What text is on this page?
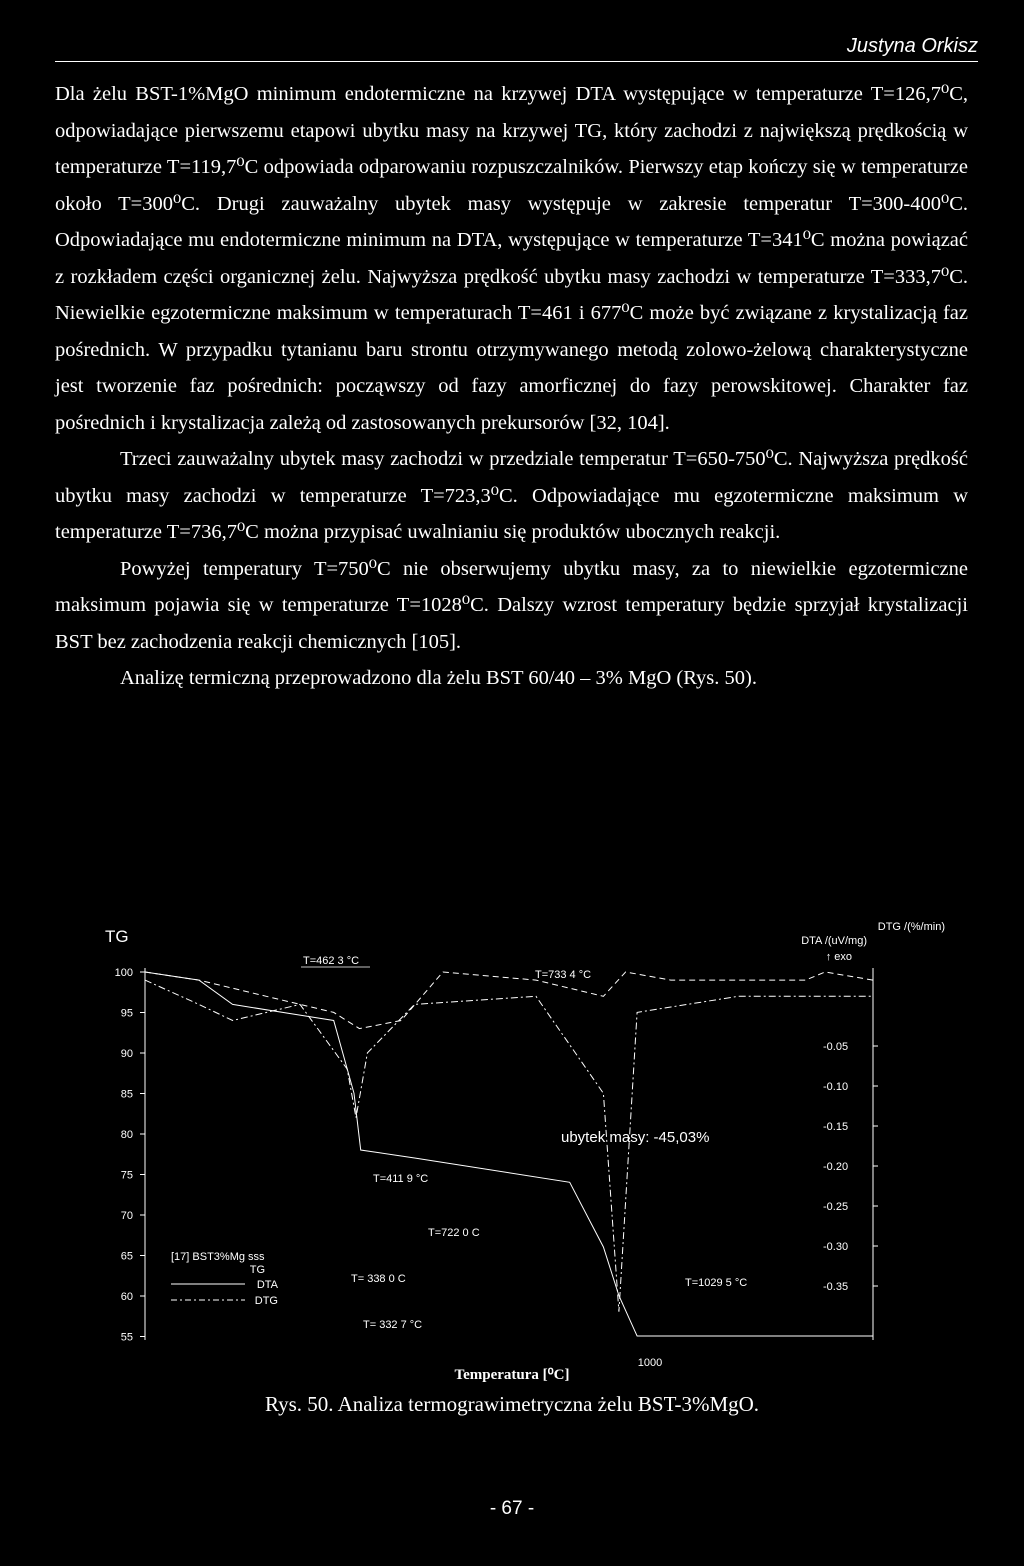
Justyna Orkisz

Dla żelu BST-1%MgO minimum endotermiczne na krzywej DTA występujące w temperaturze T=126,7⁰C, odpowiadające pierwszemu etapowi ubytku masy na krzywej TG, który zachodzi z największą prędkością w temperaturze T=119,7⁰C odpowiada odparowaniu rozpuszczalników. Pierwszy etap kończy się w temperaturze około T=300⁰C. Drugi zauważalny ubytek masy występuje w zakresie temperatur T=300-400⁰C. Odpowiadające mu endotermiczne minimum na DTA, występujące w temperaturze T=341⁰C można powiązać z rozkładem części organicznej żelu. Najwyższa prędkość ubytku masy zachodzi w temperaturze T=333,7⁰C. Niewielkie egzotermiczne maksimum w temperaturach T=461 i 677⁰C może być związane z krystalizacją faz pośrednich. W przypadku tytanianu baru strontu otrzymywanego metodą zolowo-żelową charakterystyczne jest tworzenie faz pośrednich: począwszy od fazy amorficznej do fazy perowskitowej. Charakter faz pośrednich i krystalizacja zależą od zastosowanych prekursorów [32, 104].

Trzeci zauważalny ubytek masy zachodzi w przedziale temperatur T=650-750⁰C. Najwyższa prędkość ubytku masy zachodzi w temperaturze T=723,3⁰C. Odpowiadające mu egzotermiczne maksimum w temperaturze T=736,7⁰C można przypisać uwalnianiu się produktów ubocznych reakcji.

Powyżej temperatury T=750⁰C nie obserwujemy ubytku masy, za to niewielkie egzotermiczne maksimum pojawia się w temperaturze T=1028⁰C. Dalszy wzrost temperatury będzie sprzyjał krystalizacji BST bez zachodzenia reakcji chemicznych [105].

Analizę termiczną przeprowadzono dla żelu BST 60/40 – 3% MgO (Rys. 50).

TG	DTG /(%/min)
DTA /(uV/mg)
↑ exo
100
95
90
85
80
75
70
65
60
55
-0.05
-0.10
-0.15
-0.20
-0.25
-0.30
-0.35
T=462 3 °C
T=733 4 °C
T=411 9 °C
T=722 0 C
T= 338 0 C
T= 332 7 °C
T=1029 5 °C
ubytek masy: -45,03%
[17] BST3%Mg sss
TG
DTA
DTG
1000
Temperatura [⁰C]
Rys. 50. Analiza termograwimetryczna żelu BST-3%MgO.
- 67 -
